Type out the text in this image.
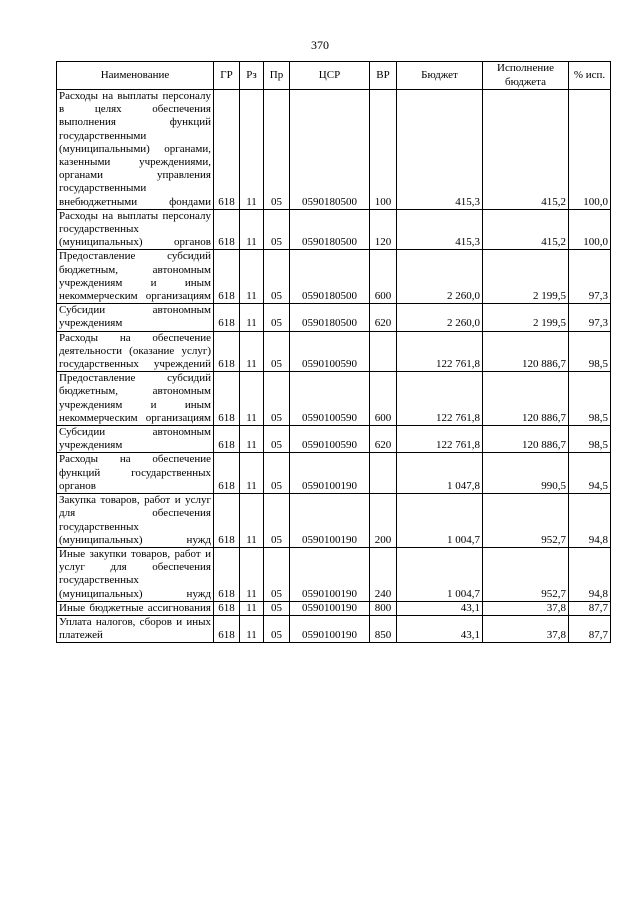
370
Наименование	ГР	Рз	Пр	ЦСР	ВР	Бюджет	Исполнение бюджета	% исп.
Расходы на выплаты персоналу в целях обеспечения выполнения функций государственными (муниципальными) органами, казенными учреждениями, органами управления государственными внебюджетными фондами	618	11	05	0590180500	100	415,3	415,2	100,0
Расходы на выплаты персоналу государственных (муниципальных) органов	618	11	05	0590180500	120	415,3	415,2	100,0
Предоставление субсидий бюджетным, автономным учреждениям и иным некоммерческим организациям	618	11	05	0590180500	600	2 260,0	2 199,5	97,3
Субсидии автономным учреждениям	618	11	05	0590180500	620	2 260,0	2 199,5	97,3
Расходы на обеспечение деятельности (оказание услуг) государственных учреждений	618	11	05	0590100590		122 761,8	120 886,7	98,5
Предоставление субсидий бюджетным, автономным учреждениям и иным некоммерческим организациям	618	11	05	0590100590	600	122 761,8	120 886,7	98,5
Субсидии автономным учреждениям	618	11	05	0590100590	620	122 761,8	120 886,7	98,5
Расходы на обеспечение функций государственных органов	618	11	05	0590100190		1 047,8	990,5	94,5
Закупка товаров, работ и услуг для обеспечения государственных (муниципальных) нужд	618	11	05	0590100190	200	1 004,7	952,7	94,8
Иные закупки товаров, работ и услуг для обеспечения государственных (муниципальных) нужд	618	11	05	0590100190	240	1 004,7	952,7	94,8
Иные бюджетные ассигнования	618	11	05	0590100190	800	43,1	37,8	87,7
Уплата налогов, сборов и иных платежей	618	11	05	0590100190	850	43,1	37,8	87,7
